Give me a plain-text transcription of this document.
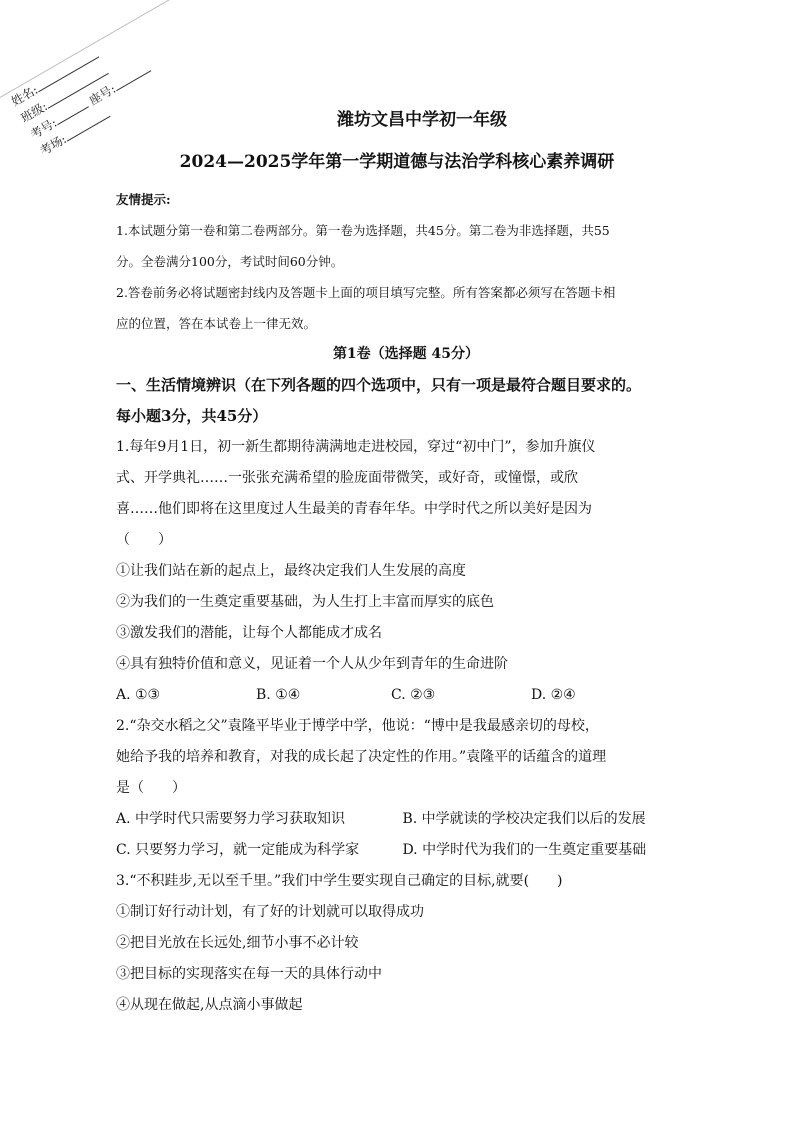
姓名:
班级:
考号: 座号:
考场:
潍坊文昌中学初一年级
2024—2025学年第一学期道德与法治学科核心素养调研
友情提示:
1.本试题分第一卷和第二卷两部分。第一卷为选择题，共45分。第二卷为非选择题，共55
分。全卷满分100分，考试时间60分钟。
2.答卷前务必将试题密封线内及答题卡上面的项目填写完整。所有答案都必须写在答题卡相
应的位置，答在本试卷上一律无效。
第1卷（选择题 45分）
一、生活情境辨识（在下列各题的四个选项中，只有一项是最符合题目要求的。
每小题3分，共45分）
1.每年9月1日，初一新生都期待满满地走进校园，穿过“初中门”，参加升旗仪
式、开学典礼……一张张充满希望的脸庞面带微笑，或好奇，或憧憬，或欣
喜……他们即将在这里度过人生最美的青春年华。中学时代之所以美好是因为
（　　）
①让我们站在新的起点上，最终决定我们人生发展的高度
②为我们的一生奠定重要基础，为人生打上丰富而厚实的底色
③激发我们的潜能，让每个人都能成才成名
④具有独特价值和意义，见证着一个人从少年到青年的生命进阶
A. ①③	B. ①④	C. ②③	D. ②④
2.“杂交水稻之父”袁隆平毕业于博学中学，他说：“博中是我最感亲切的母校，
她给予我的培养和教育，对我的成长起了决定性的作用。”袁隆平的话蕴含的道理
是（　　）
A. 中学时代只需要努力学习获取知识	B. 中学就读的学校决定我们以后的发展
C. 只要努力学习，就一定能成为科学家	D. 中学时代为我们的一生奠定重要基础
3.“不积跬步,无以至千里。”我们中学生要实现自己确定的目标,就要(　　)
①制订好行动计划，有了好的计划就可以取得成功
②把目光放在长远处,细节小事不必计较
③把目标的实现落实在每一天的具体行动中
④从现在做起,从点滴小事做起
